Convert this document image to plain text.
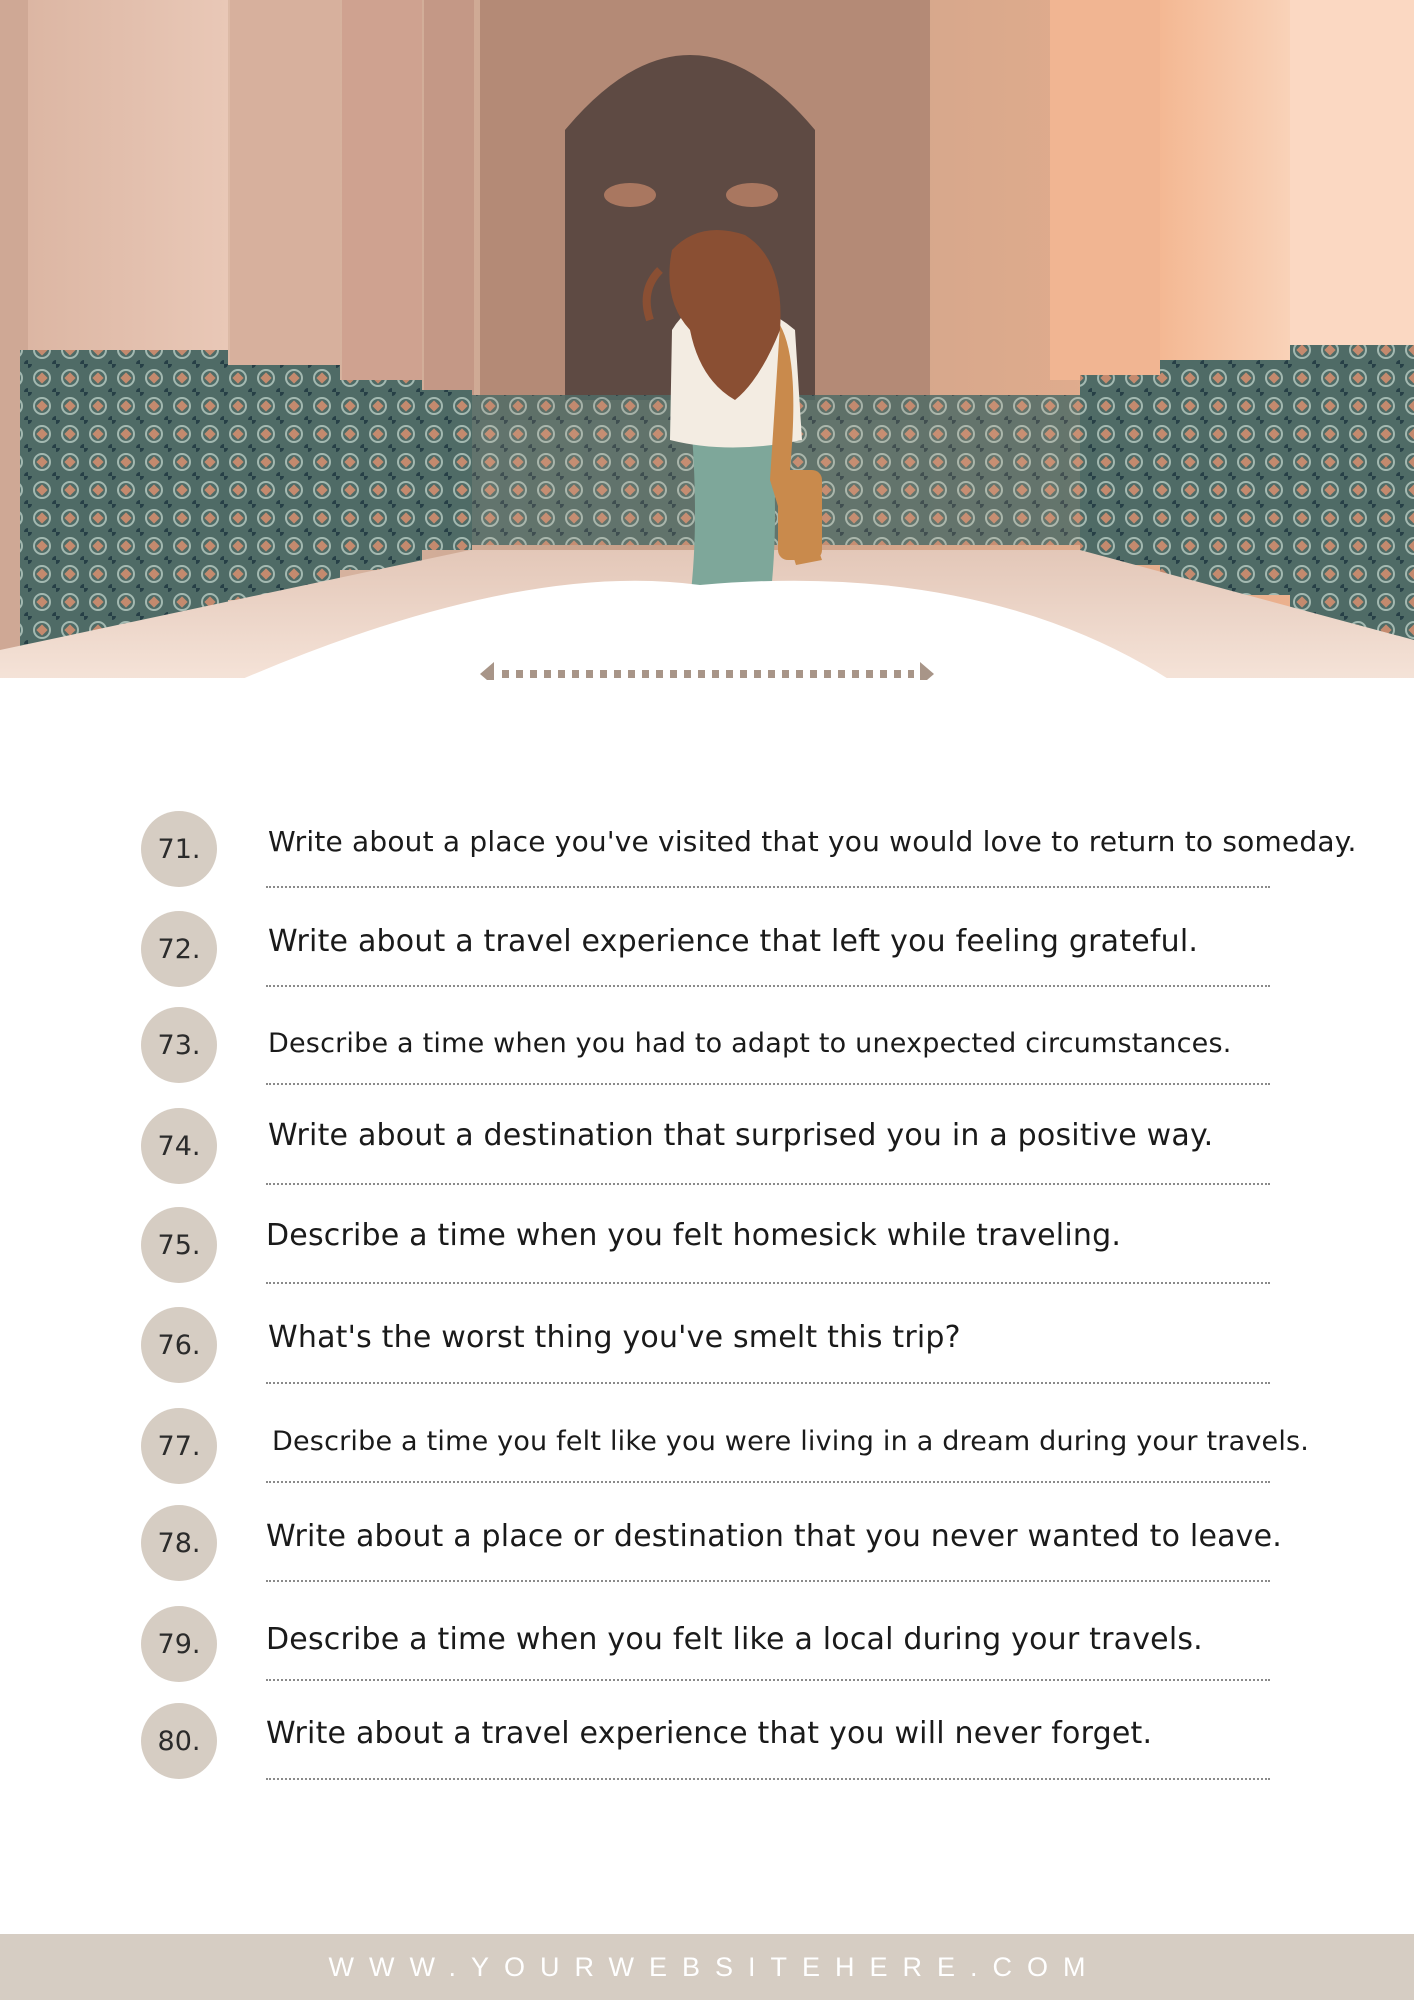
71.	Write about a place you've visited that you would love to return to someday.
72.	Write about a travel experience that left you feeling grateful.
73.	Describe a time when you had to adapt to unexpected circumstances.
74.	Write about a destination that surprised you in a positive way.
75.	Describe a time when you felt homesick while traveling.
76.	What's the worst thing you've smelt this trip?
77.	Describe a time you felt like you were living in a dream during your travels.
78.	Write about a place or destination that you never wanted to leave.
79.	Describe a time when you felt like a local during your travels.
80.	Write about a travel experience that you will never forget.
WWW.YOURWEBSITEHERE.COM
